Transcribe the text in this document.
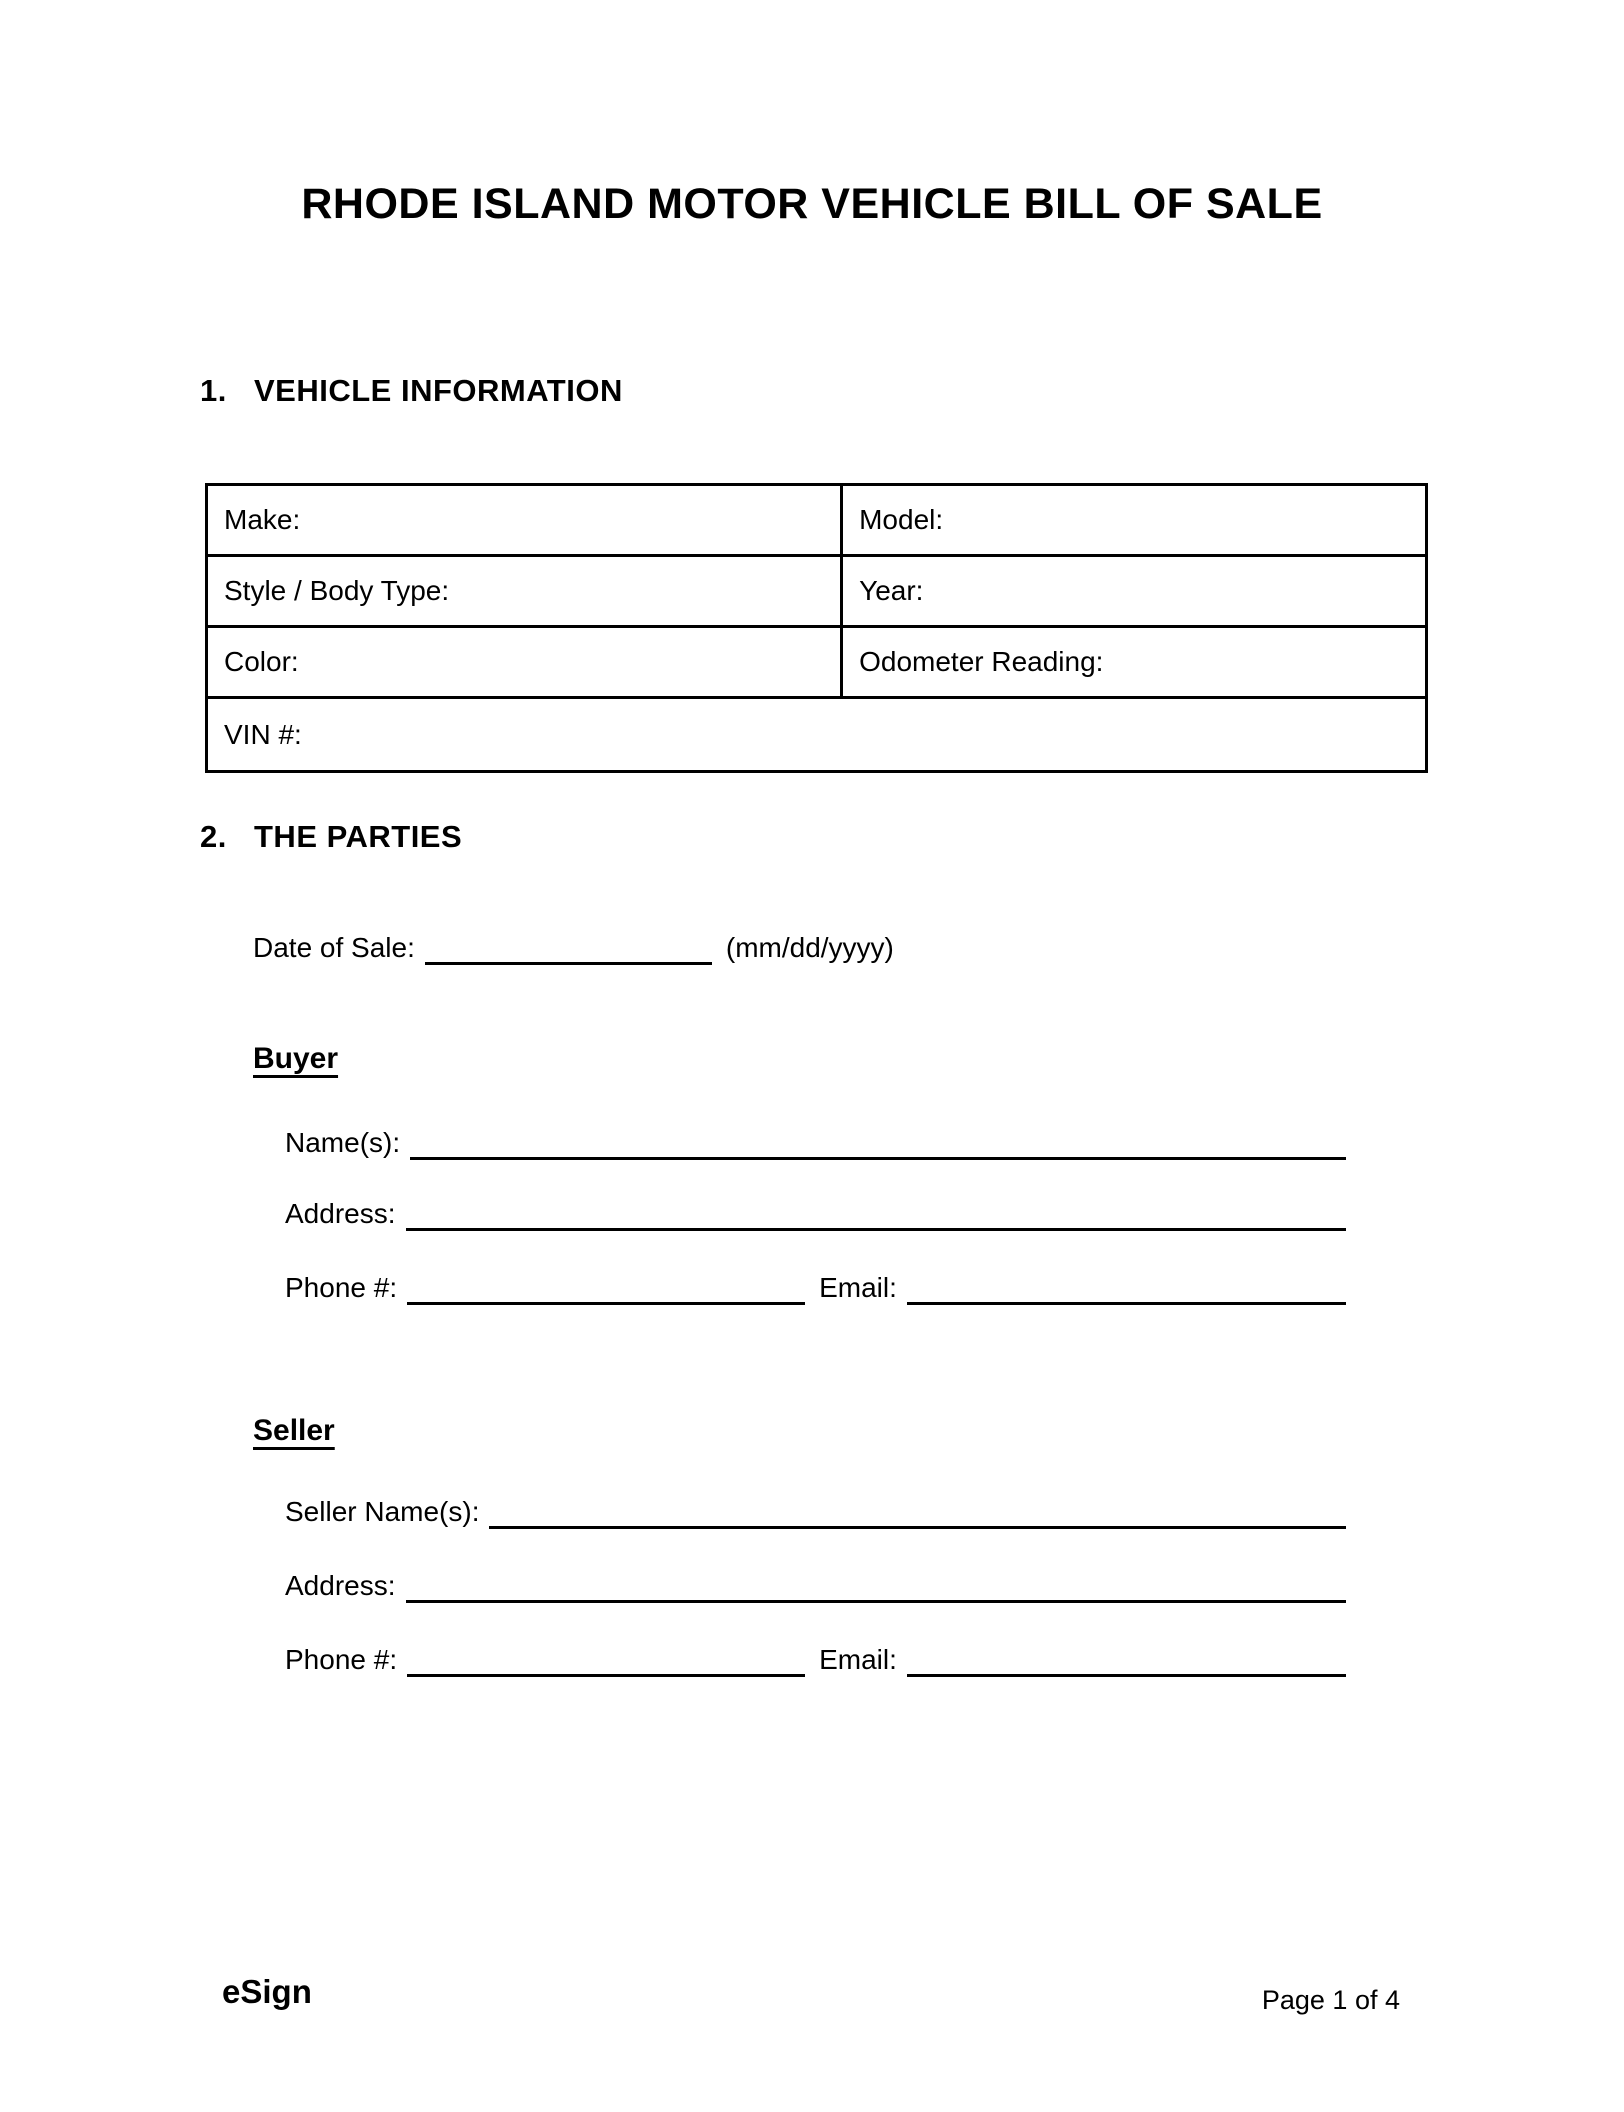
RHODE ISLAND MOTOR VEHICLE BILL OF SALE
1. VEHICLE INFORMATION
Make:	Model:
Style / Body Type:	Year:
Color:	Odometer Reading:
VIN #:	
2. THE PARTIES
Date of Sale:	(mm/dd/yyyy)
Buyer
Name(s):
Address:
Phone #:	Email:
Seller
Seller Name(s):
Address:
Phone #:	Email:
eSign	Page 1 of 4
